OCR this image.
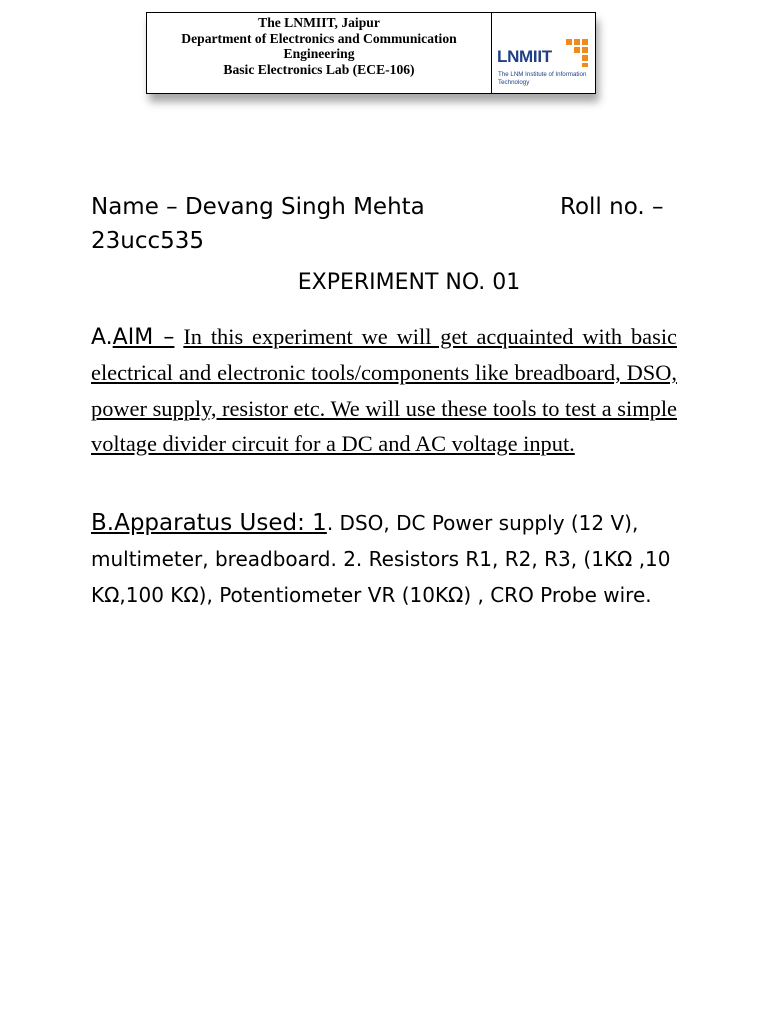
The LNMIIT, Jaipur
Department of Electronics and Communication
Engineering
Basic Electronics Lab (ECE-106)
LNMIIT
The LNM Institute of Information Technology
Name – Devang Singh Mehta	Roll no. –
23ucc535
EXPERIMENT NO. 01
A.AIM – In this experiment we will get acquainted with basic electrical and electronic tools/components like breadboard, DSO, power supply, resistor etc. We will use these tools to test a simple voltage divider circuit for a DC and AC voltage input.
B.Apparatus Used: 1. DSO, DC Power supply (12 V), multimeter, breadboard. 2. Resistors R1, R2, R3, (1KΩ ,10 KΩ,100 KΩ), Potentiometer VR (10KΩ) , CRO Probe wire.
